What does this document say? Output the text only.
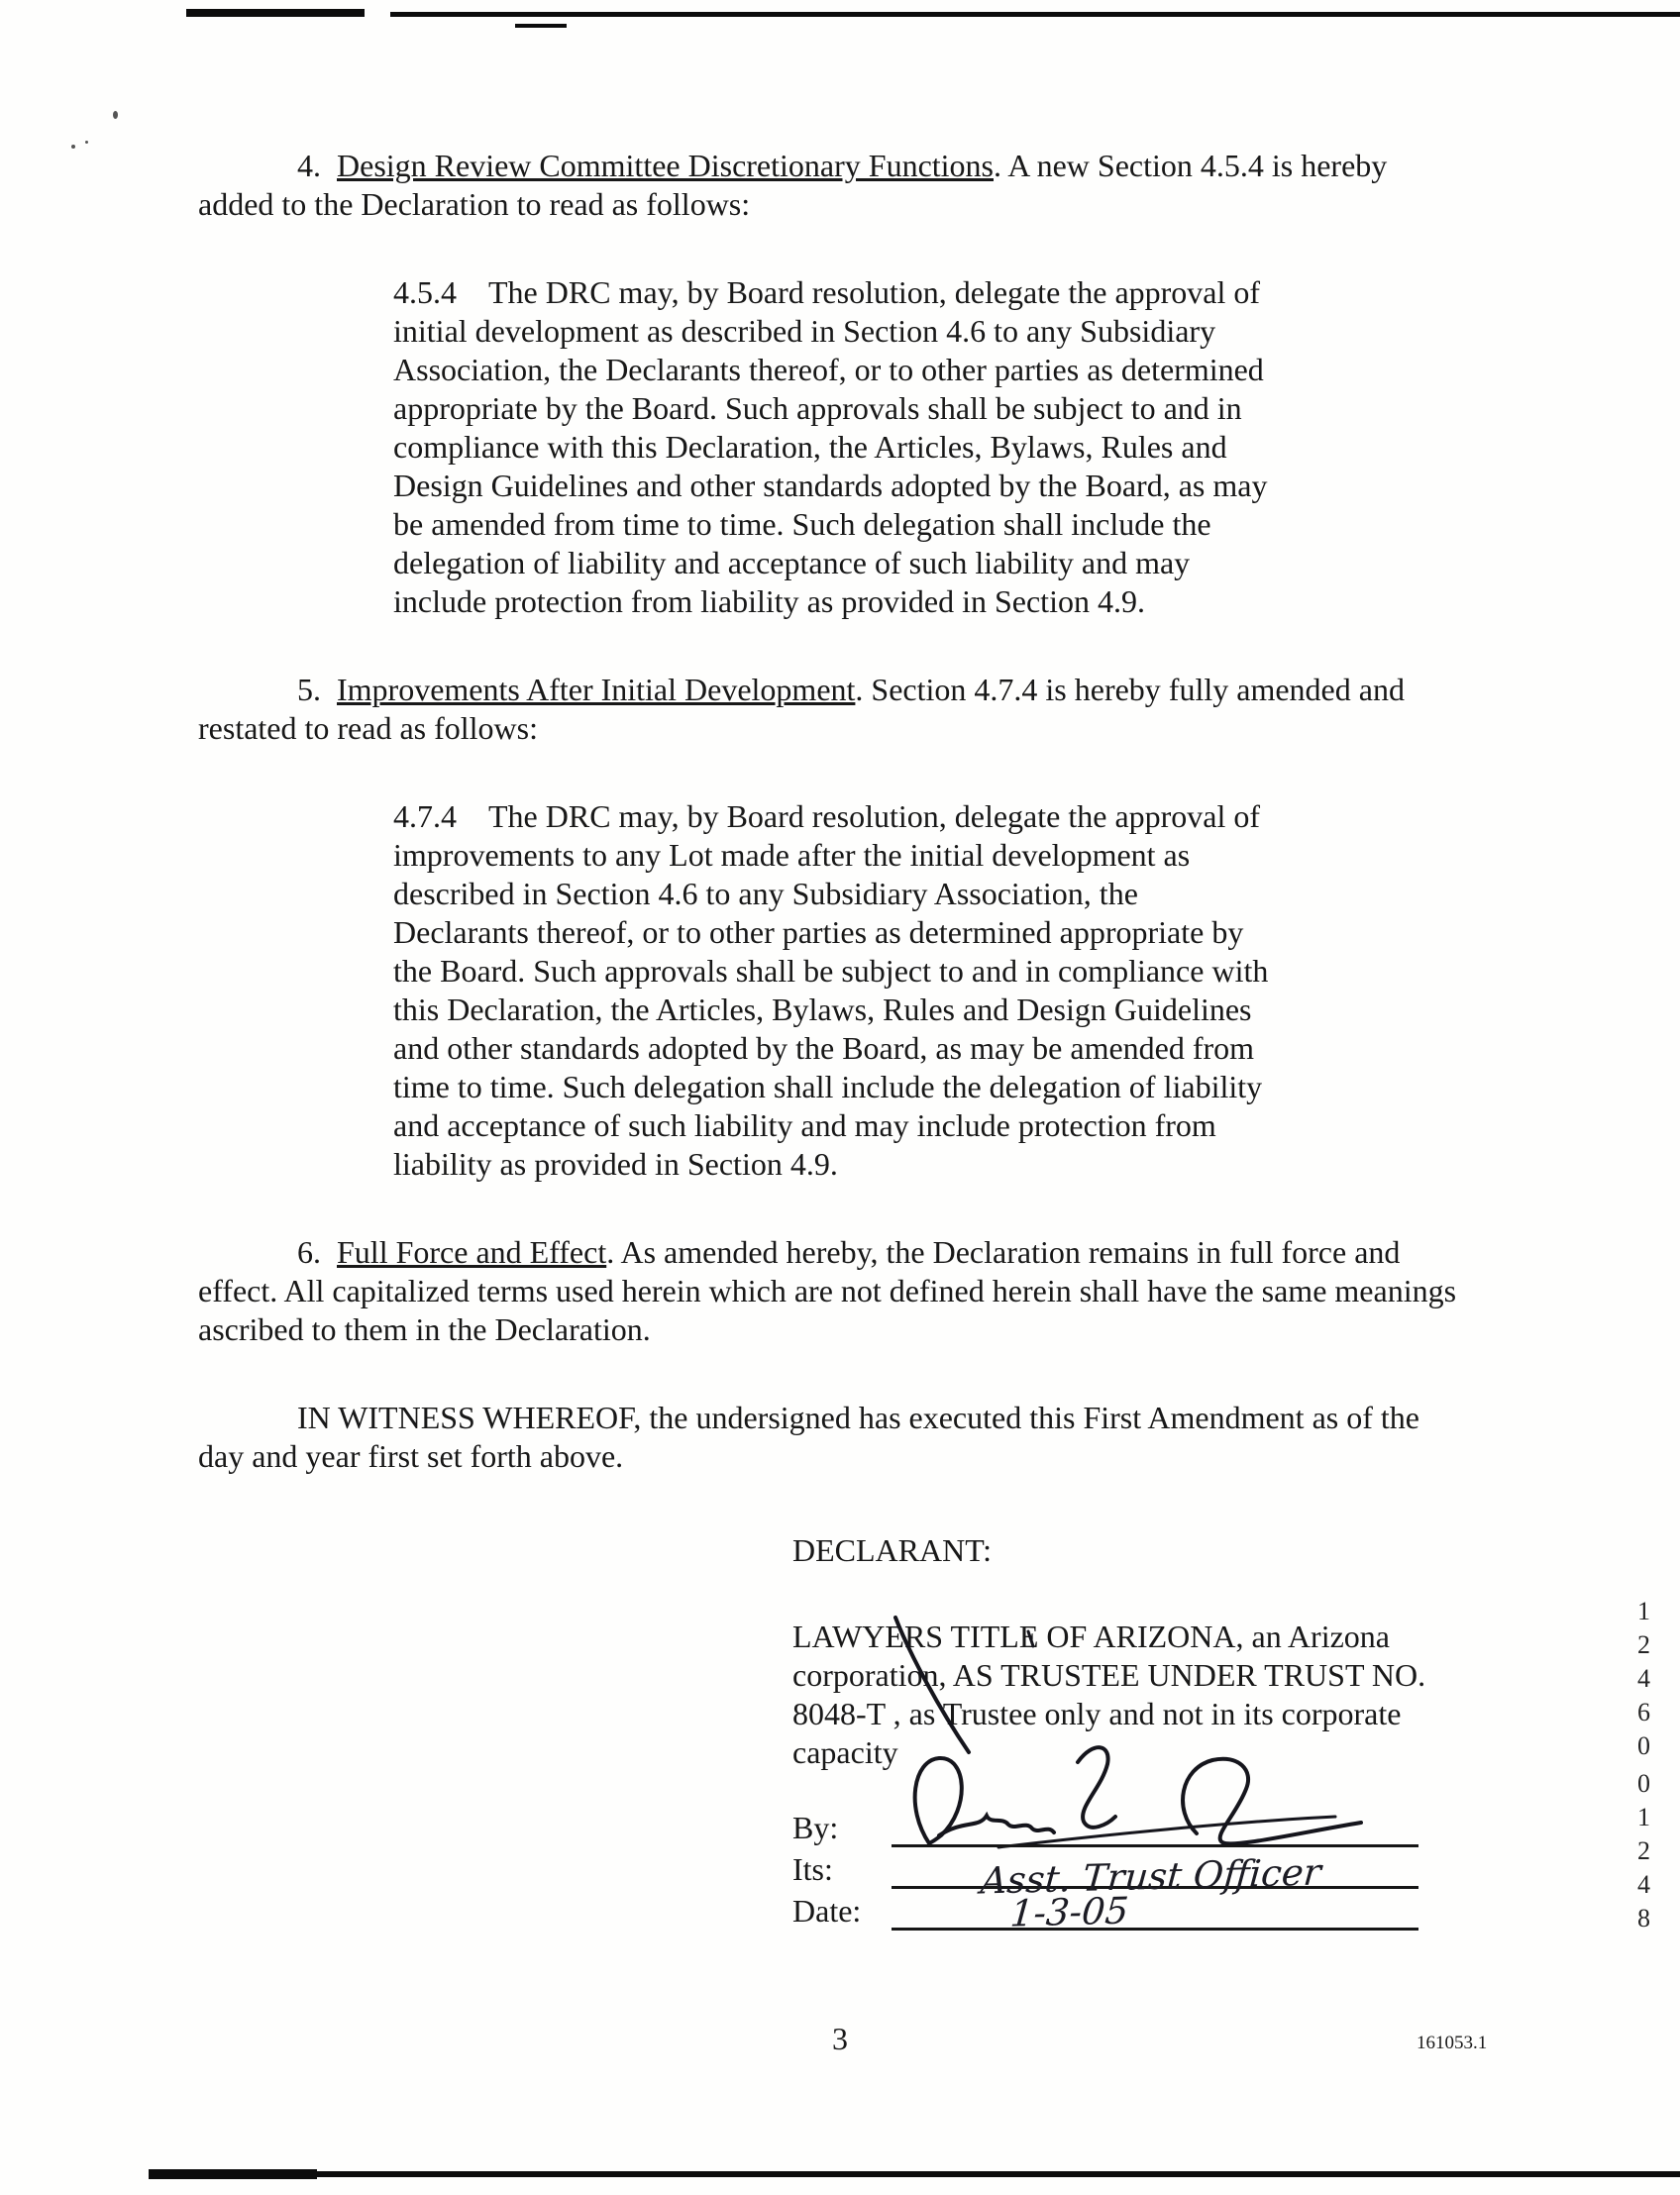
4. Design Review Committee Discretionary Functions. A new Section 4.5.4 is hereby added to the Declaration to read as follows:

4.5.4 The DRC may, by Board resolution, delegate the approval of initial development as described in Section 4.6 to any Subsidiary Association, the Declarants thereof, or to other parties as determined appropriate by the Board. Such approvals shall be subject to and in compliance with this Declaration, the Articles, Bylaws, Rules and Design Guidelines and other standards adopted by the Board, as may be amended from time to time. Such delegation shall include the delegation of liability and acceptance of such liability and may include protection from liability as provided in Section 4.9.

5. Improvements After Initial Development. Section 4.7.4 is hereby fully amended and restated to read as follows:

4.7.4 The DRC may, by Board resolution, delegate the approval of improvements to any Lot made after the initial development as described in Section 4.6 to any Subsidiary Association, the Declarants thereof, or to other parties as determined appropriate by the Board. Such approvals shall be subject to and in compliance with this Declaration, the Articles, Bylaws, Rules and Design Guidelines and other standards adopted by the Board, as may be amended from time to time. Such delegation shall include the delegation of liability and acceptance of such liability and may include protection from liability as provided in Section 4.9.

6. Full Force and Effect. As amended hereby, the Declaration remains in full force and effect. All capitalized terms used herein which are not defined herein shall have the same meanings ascribed to them in the Declaration.

IN WITNESS WHEREOF, the undersigned has executed this First Amendment as of the day and year first set forth above.

DECLARANT:
LAWYERS TITLE OF ARIZONA, an Arizona
corporation, AS TRUSTEE UNDER TRUST NO.
8048-T , as Trustee only and not in its corporate
capacity
By:
Its:	Asst. Trust Officer
Date:	1-3-05
12460
01248
3	161053.1
